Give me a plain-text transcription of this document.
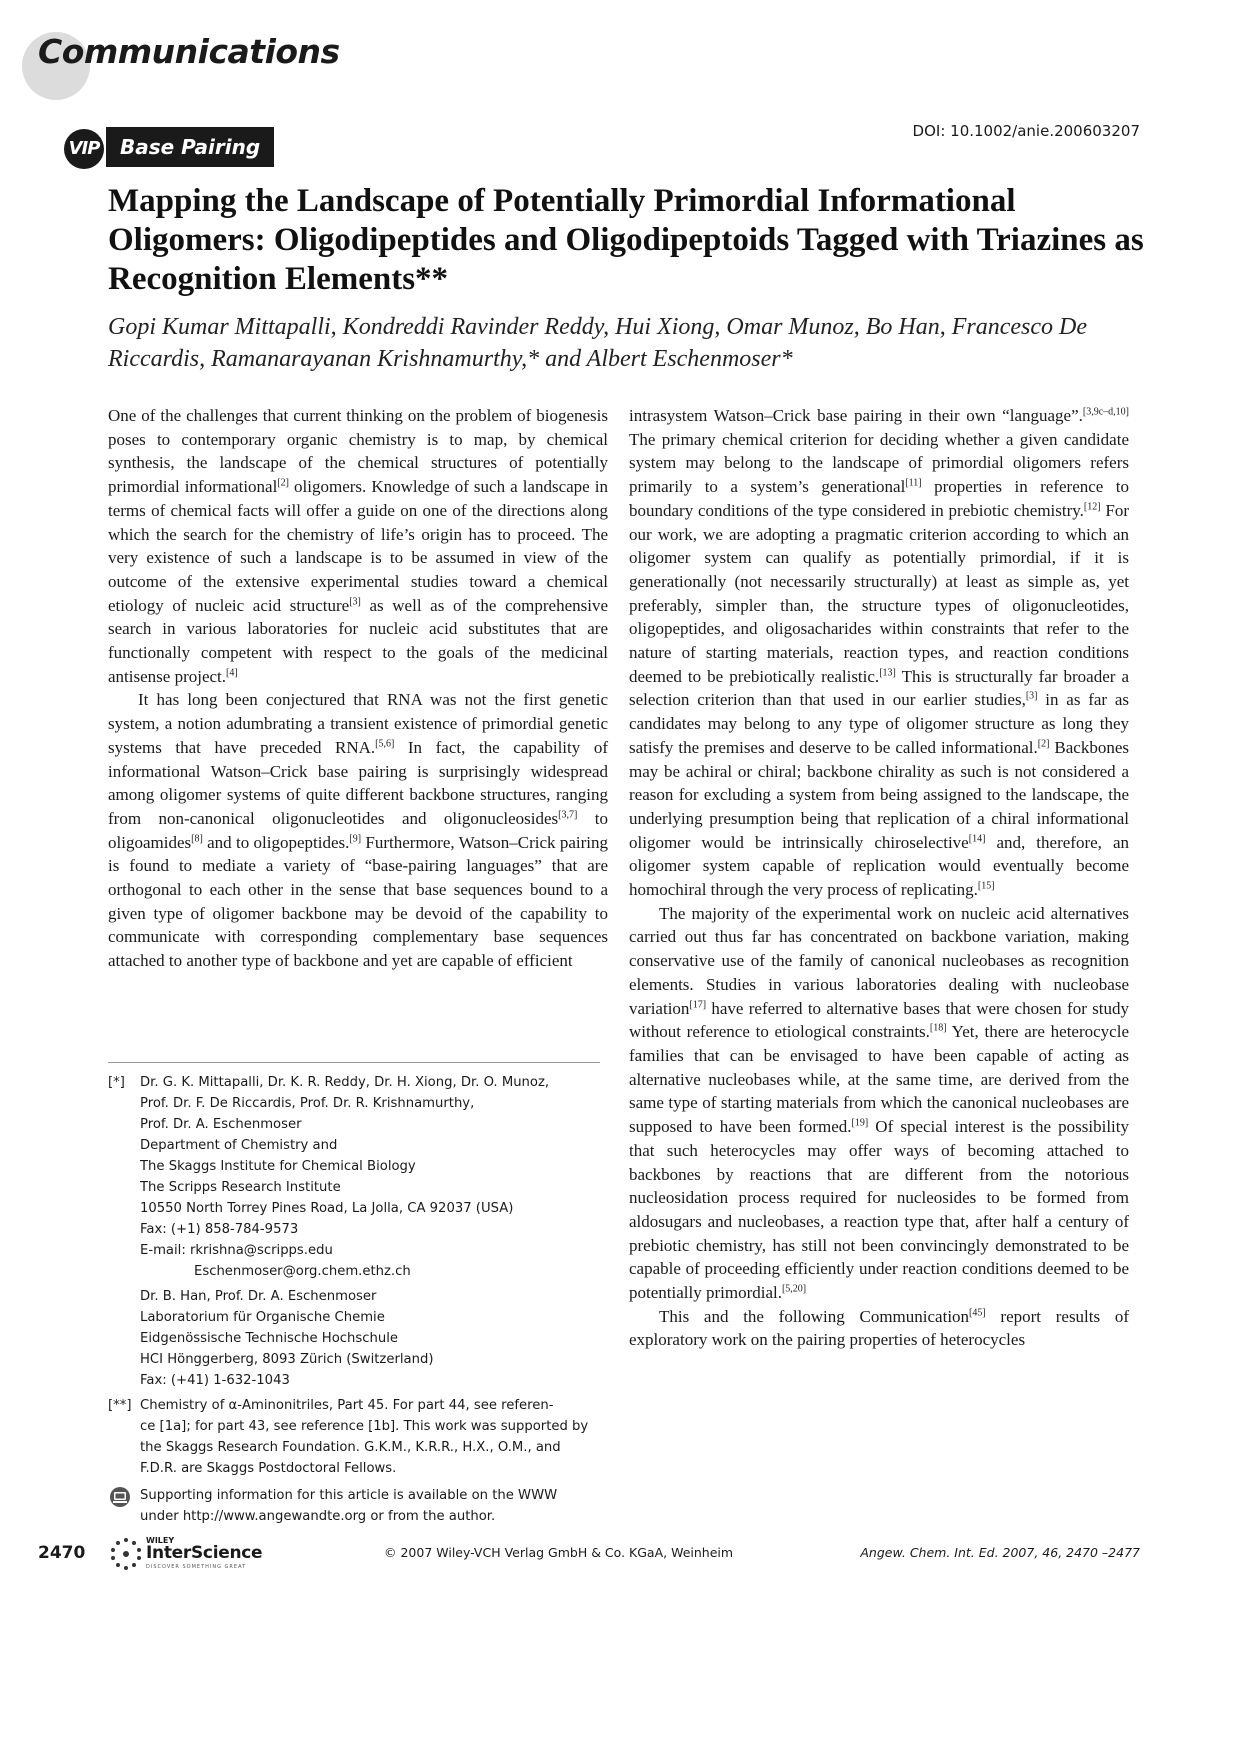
Communications
VIP	Base Pairing
DOI: 10.1002/anie.200603207
Mapping the Landscape of Potentially Primordial Informational Oligomers: Oligodipeptides and Oligodipeptoids Tagged with Triazines as Recognition Elements**

Gopi Kumar Mittapalli, Kondreddi Ravinder Reddy, Hui Xiong, Omar Munoz, Bo Han, Francesco De Riccardis, Ramanarayanan Krishnamurthy,* and Albert Eschenmoser*

One of the challenges that current thinking on the problem of biogenesis poses to contemporary organic chemistry is to map, by chemical synthesis, the landscape of the chemical structures of potentially primordial informational[2] oligomers. Knowledge of such a landscape in terms of chemical facts will offer a guide on one of the directions along which the search for the chemistry of life’s origin has to proceed. The very existence of such a landscape is to be assumed in view of the outcome of the extensive experimental studies toward a chemical etiology of nucleic acid structure[3] as well as of the comprehensive search in various laboratories for nucleic acid substitutes that are functionally competent with respect to the goals of the medicinal antisense project.[4]

It has long been conjectured that RNA was not the first genetic system, a notion adumbrating a transient existence of primordial genetic systems that have preceded RNA.[5,6] In fact, the capability of informational Watson–Crick base pairing is surprisingly widespread among oligomer systems of quite different backbone structures, ranging from non-canonical oligonucleotides and oligonucleosides[3,7] to oligoamides[8] and to oligopeptides.[9] Furthermore, Watson–Crick pairing is found to mediate a variety of “base-pairing languages” that are orthogonal to each other in the sense that base sequences bound to a given type of oligomer backbone may be devoid of the capability to communicate with corresponding complementary base sequences attached to another type of backbone and yet are capable of efficient

intrasystem Watson–Crick base pairing in their own “language”.[3,9c–d,10] The primary chemical criterion for deciding whether a given candidate system may belong to the landscape of primordial oligomers refers primarily to a system’s generational[11] properties in reference to boundary conditions of the type considered in prebiotic chemistry.[12] For our work, we are adopting a pragmatic criterion according to which an oligomer system can qualify as potentially primordial, if it is generationally (not necessarily structurally) at least as simple as, yet preferably, simpler than, the structure types of oligonucleotides, oligopeptides, and oligosacharides within constraints that refer to the nature of starting materials, reaction types, and reaction conditions deemed to be prebiotically realistic.[13] This is structurally far broader a selection criterion than that used in our earlier studies,[3] in as far as candidates may belong to any type of oligomer structure as long they satisfy the premises and deserve to be called informational.[2] Backbones may be achiral or chiral; backbone chirality as such is not considered a reason for excluding a system from being assigned to the landscape, the underlying presumption being that replication of a chiral informational oligomer would be intrinsically chiroselective[14] and, therefore, an oligomer system capable of replication would eventually become homochiral through the very process of replicating.[15]

The majority of the experimental work on nucleic acid alternatives carried out thus far has concentrated on backbone variation, making conservative use of the family of canonical nucleobases as recognition elements. Studies in various laboratories dealing with nucleobase variation[17] have referred to alternative bases that were chosen for study without reference to etiological constraints.[18] Yet, there are heterocycle families that can be envisaged to have been capable of acting as alternative nucleobases while, at the same time, are derived from the same type of starting materials from which the canonical nucleobases are supposed to have been formed.[19] Of special interest is the possibility that such heterocycles may offer ways of becoming attached to backbones by reactions that are different from the notorious nucleosidation process required for nucleosides to be formed from aldosugars and nucleobases, a reaction type that, after half a century of prebiotic chemistry, has still not been convincingly demonstrated to be capable of proceeding efficiently under reaction conditions deemed to be potentially primordial.[5,20]

This and the following Communication[45] report results of exploratory work on the pairing properties of heterocycles

[*]	Dr. G. K. Mittapalli, Dr. K. R. Reddy, Dr. H. Xiong, Dr. O. Munoz,
Prof. Dr. F. De Riccardis, Prof. Dr. R. Krishnamurthy,
Prof. Dr. A. Eschenmoser
Department of Chemistry and
The Skaggs Institute for Chemical Biology
The Scripps Research Institute
10550 North Torrey Pines Road, La Jolla, CA 92037 (USA)
Fax: (+1) 858-784-9573
E-mail: rkrishna@scripps.edu
Eschenmoser@org.chem.ethz.ch
Dr. B. Han, Prof. Dr. A. Eschenmoser
Laboratorium für Organische Chemie
Eidgenössische Technische Hochschule
HCI Hönggerberg, 8093 Zürich (Switzerland)
Fax: (+41) 1-632-1043
[**] Chemistry of α-Aminonitriles, Part 45. For part 44, see referen-
ce [1a]; for part 43, see reference [1b]. This work was supported by
the Skaggs Research Foundation. G.K.M., K.R.R., H.X., O.M., and
F.D.R. are Skaggs Postdoctoral Fellows.
Supporting information for this article is available on the WWW
under http://www.angewandte.org or from the author.
2470
WILEY
InterScience
DISCOVER SOMETHING GREAT
© 2007 Wiley-VCH Verlag GmbH & Co. KGaA, Weinheim	Angew. Chem. Int. Ed. 2007, 46, 2470 –2477
